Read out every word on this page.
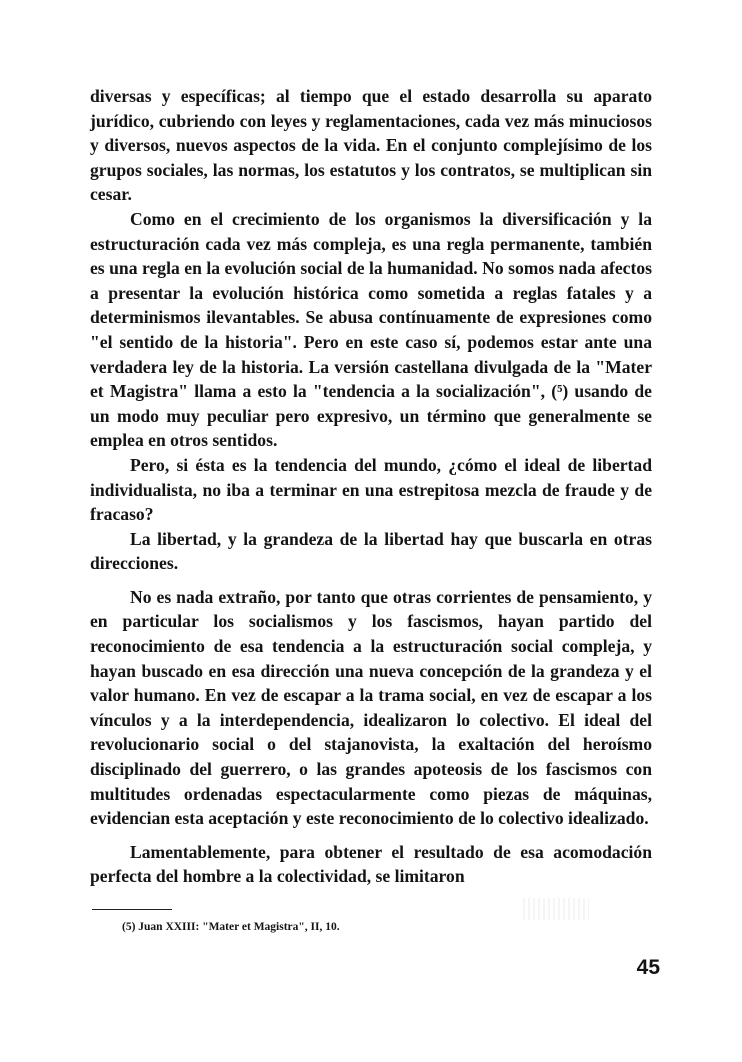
diversas y específicas; al tiempo que el estado desarrolla su aparato jurídico, cubriendo con leyes y reglamentaciones, cada vez más minuciosos y diversos, nuevos aspectos de la vida. En el conjunto complejísimo de los grupos sociales, las normas, los estatutos y los contratos, se multiplican sin cesar.

Como en el crecimiento de los organismos la diversificación y la estructuración cada vez más compleja, es una regla permanente, también es una regla en la evolución social de la humanidad. No somos nada afectos a presentar la evolución histórica como sometida a reglas fatales y a determinismos ilevantables. Se abusa contínuamente de expresiones como "el sentido de la historia". Pero en este caso sí, podemos estar ante una verdadera ley de la historia. La versión castellana divulgada de la "Mater et Magistra" llama a esto la "tendencia a la socialización", (⁵) usando de un modo muy peculiar pero expresivo, un término que generalmente se emplea en otros sentidos.

Pero, si ésta es la tendencia del mundo, ¿cómo el ideal de libertad individualista, no iba a terminar en una estrepitosa mezcla de fraude y de fracaso?

La libertad, y la grandeza de la libertad hay que buscarla en otras direcciones.

No es nada extraño, por tanto que otras corrientes de pensamiento, y en particular los socialismos y los fascismos, hayan partido del reconocimiento de esa tendencia a la estructuración social compleja, y hayan buscado en esa dirección una nueva concepción de la grandeza y el valor humano. En vez de escapar a la trama social, en vez de escapar a los vínculos y a la interdependencia, idealizaron lo colectivo. El ideal del revolucionario social o del stajanovista, la exaltación del heroísmo disciplinado del guerrero, o las grandes apoteosis de los fascismos con multitudes ordenadas espectacularmente como piezas de máquinas, evidencian esta aceptación y este reconocimiento de lo colectivo idealizado.

Lamentablemente, para obtener el resultado de esa acomodación perfecta del hombre a la colectividad, se limitaron

(5) Juan XXIII: "Mater et Magistra", II, 10.
45
